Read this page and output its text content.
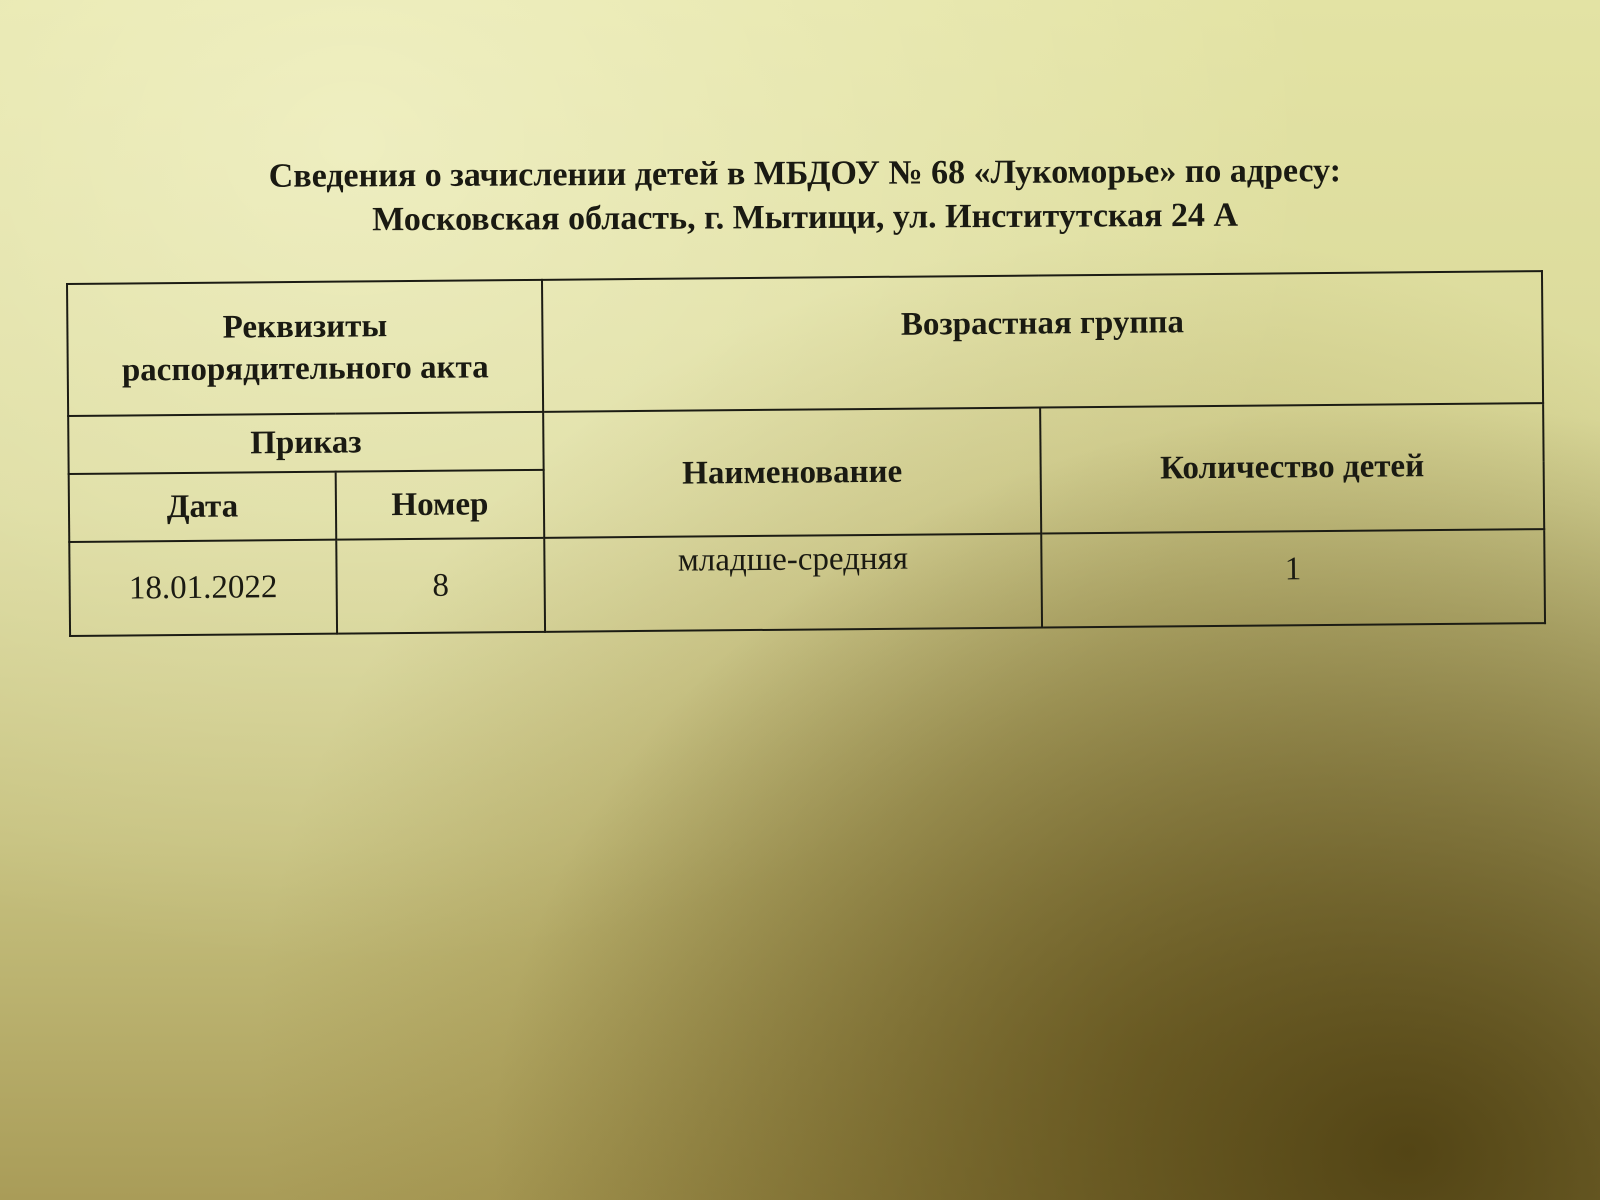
Сведения о зачислении детей в МБДОУ № 68 «Лукоморье» по адресу:
Московская область, г. Мытищи, ул. Институтская 24 А
Реквизиты распорядительного акта		Возрастная группа	
Приказ		Наименование	Количество детей
Дата	Номер		
18.01.2022	8	младше-средняя	1
